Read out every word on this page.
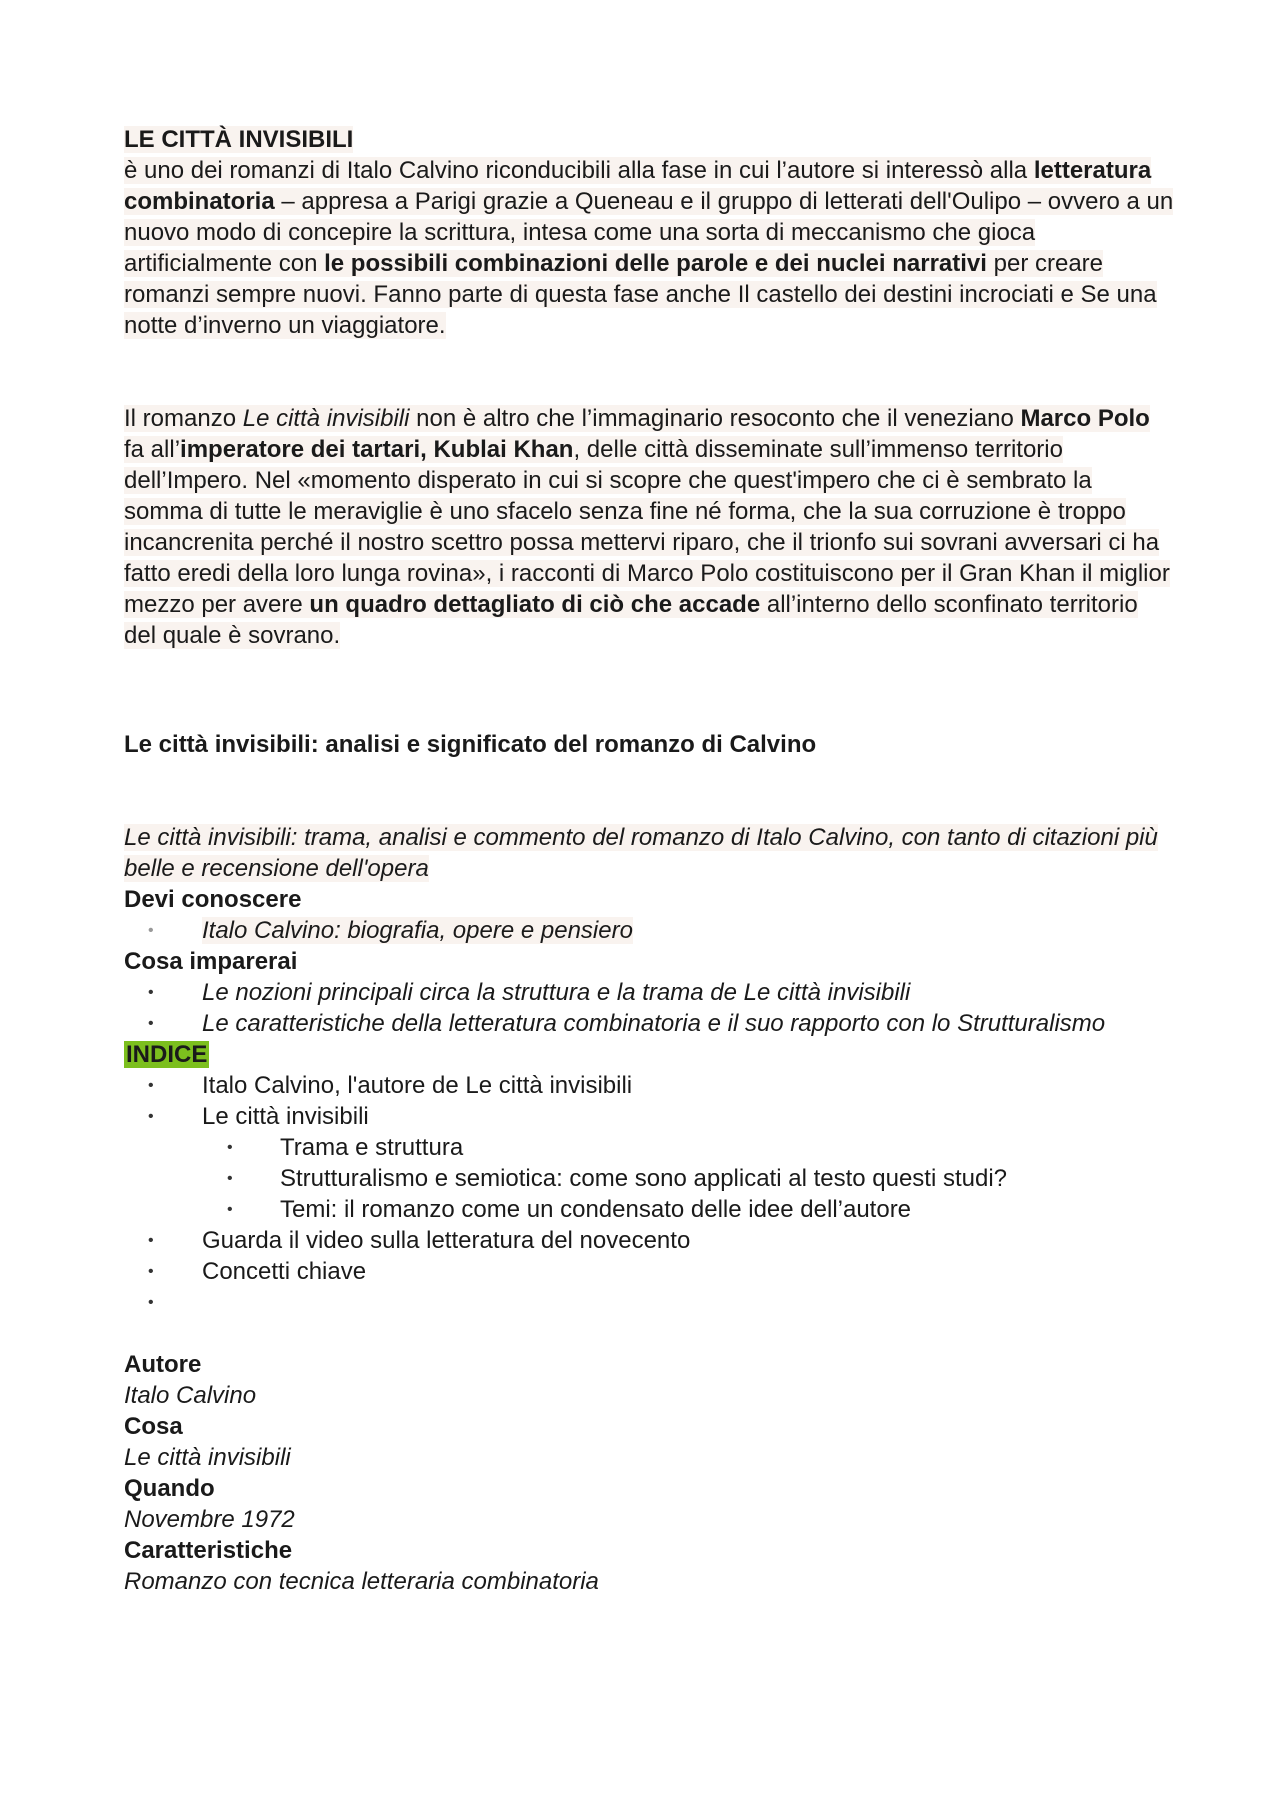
LE CITTÀ INVISIBILI

è uno dei romanzi di Italo Calvino riconducibili alla fase in cui l’autore si interessò alla letteratura combinatoria – appresa a Parigi grazie a Queneau e il gruppo di letterati dell'Oulipo – ovvero a un nuovo modo di concepire la scrittura, intesa come una sorta di meccanismo che gioca artificialmente con le possibili combinazioni delle parole e dei nuclei narrativi per creare romanzi sempre nuovi. Fanno parte di questa fase anche Il castello dei destini incrociati e Se una notte d’inverno un viaggiatore.

Il romanzo Le città invisibili non è altro che l’immaginario resoconto che il veneziano Marco Polo fa all’imperatore dei tartari, Kublai Khan, delle città disseminate sull’immenso territorio dell’Impero. Nel «momento disperato in cui si scopre che quest'impero che ci è sembrato la somma di tutte le meraviglie è uno sfacelo senza fine né forma, che la sua corruzione è troppo incancrenita perché il nostro scettro possa mettervi riparo, che il trionfo sui sovrani avversari ci ha fatto eredi della loro lunga rovina», i racconti di Marco Polo costituiscono per il Gran Khan il miglior mezzo per avere un quadro dettagliato di ciò che accade all’interno dello sconfinato territorio del quale è sovrano.

Le città invisibili: analisi e significato del romanzo di Calvino

Le città invisibili: trama, analisi e commento del romanzo di Italo Calvino, con tanto di citazioni più belle e recensione dell'opera

Devi conoscere
• Italo Calvino: biografia, opere e pensiero
Cosa imparerai
• Le nozioni principali circa la struttura e la trama de Le città invisibili
• Le caratteristiche della letteratura combinatoria e il suo rapporto con lo Strutturalismo
INDICE
• Italo Calvino, l'autore de Le città invisibili
• Le città invisibili
• Trama e struttura
• Strutturalismo e semiotica: come sono applicati al testo questi studi?
• Temi: il romanzo come un condensato delle idee dell’autore
• Guarda il video sulla letteratura del novecento
• Concetti chiave
•
Autore
Italo Calvino
Cosa
Le città invisibili
Quando
Novembre 1972
Caratteristiche
Romanzo con tecnica letteraria combinatoria
